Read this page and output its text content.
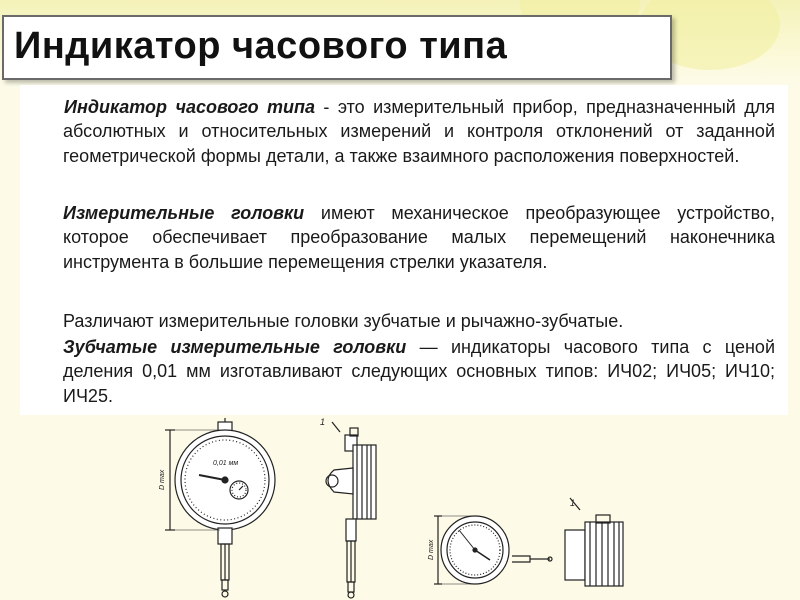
Индикатор часового типа
Индикатор часового типа - это измерительный прибор, предназначенный для абсолютных и относительных измерений и контроля отклонений от заданной геометрической формы детали, а также взаимного расположения поверхностей.
Измерительные головки имеют механическое преобразующее устройство, которое обеспечивает преобразование малых перемещений наконечника инструмента в большие перемещения стрелки указателя.
Различают измерительные головки зубчатые и рычажно-зубчатые.
Зубчатые измерительные головки — индикаторы часового типа с ценой деления 0,01 мм изготавливают следующих основных типов: ИЧ02; ИЧ05; ИЧ10; ИЧ25.
0,01 мм
D max
1
D max
1
